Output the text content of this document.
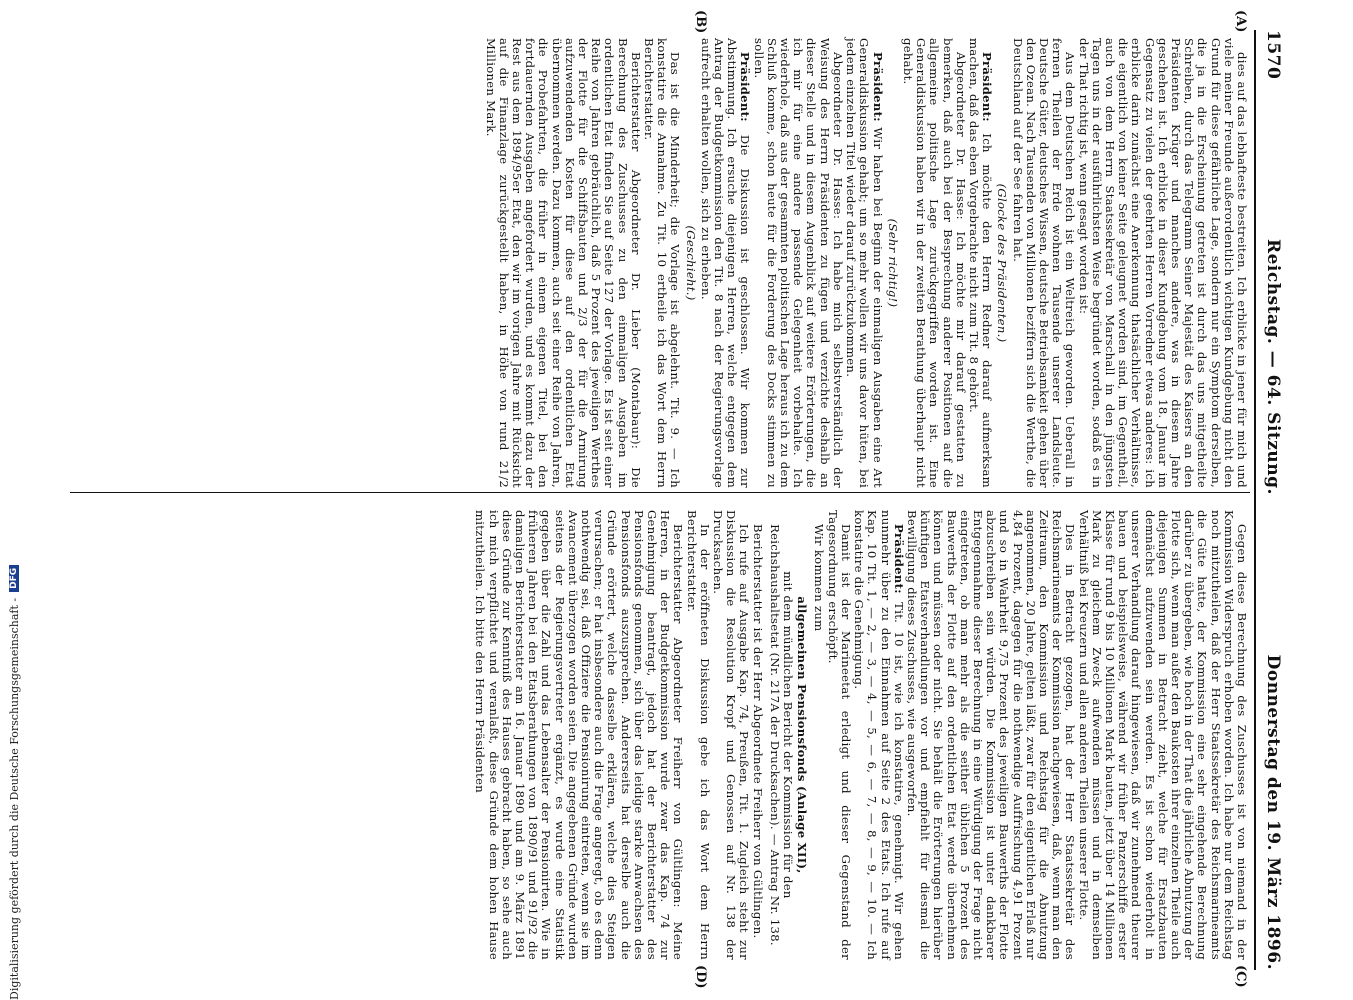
1570
Reichstag. — 64. Sitzung.
Donnerstag den 19. März 1896.
(A)
(B)
(C)
(D)

dies auf das lebhafteste bestreiten. Ich erblicke in jener für mich und viele meiner Freunde außerordentlich wichtigen Kundgebung nicht den Grund für diese gefährliche Lage, sondern nur ein Symptom derselben, die ja in die Erscheinung getreten ist durch das uns mitgetheilte Schreiben, durch das Telegramm Seiner Majestät des Kaisers an den Präsidenten Krüger und manches andere, was in diesem Jahre geschehen ist. Ich erblicke in dieser Kundgebung vom 18. Januar im Gegensatz zu vielen der geehrten Herren Vorredner etwas anderes: ich erblicke darin zunächst eine Anerkennung thatsächlicher Verhältnisse, die eigentlich von keiner Seite geleugnet worden sind, im Gegentheil, auch von dem Herrn Staatssekretär von Marschall in den jüngsten Tagen uns in der ausführlichsten Weise begründet worden, sodaß es in der That richtig ist, wenn gesagt worden ist:

Aus dem Deutschen Reich ist ein Weltreich geworden. Ueberall in fernen Theilen der Erde wohnen Tausende unserer Landsleute. Deutsche Güter, deutsches Wissen, deutsche Betriebsamkeit gehen über den Ozean. Nach Tausenden von Millionen beziffern sich die Werthe, die Deutschland auf der See fahren hat.

(Glocke des Präsidenten.)

Präsident: Ich möchte den Herrn Redner darauf aufmerksam machen, daß das eben Vorgebrachte nicht zum Tit. 8 gehört.

Abgeordneter Dr. Hasse: Ich möchte mir darauf gestatten zu bemerken, daß auch bei der Besprechung anderer Positionen auf die allgemeine politische Lage zurückgegriffen worden ist. Eine Generaldiskussion haben wir in der zweiten Berathung überhaupt nicht gehabt.

(Sehr richtig!)

Präsident: Wir haben bei Beginn der einmaligen Ausgaben eine Art Generaldiskussion gehabt; um so mehr wollen wir uns davor hüten, bei jedem einzelnen Titel wieder darauf zurückzukommen.

Abgeordneter Dr. Hasse: Ich habe mich selbstverständlich der Weisung des Herrn Präsidenten zu fügen und verzichte deshalb an dieser Stelle und in diesem Augenblick auf weitere Erörterungen, die ich mir für eine andere passende Gelegenheit vorbehalte. Ich wiederhole, daß aus der gesammten politischen Lage heraus ich zu dem Schluß komme, schon heute für die Forderung des Docks stimmen zu sollen.

Präsident: Die Diskussion ist geschlossen. Wir kommen zur Abstimmung. Ich ersuche diejenigen Herren, welche entgegen dem Antrag der Budgetkommission den Tit. 8 nach der Regierungsvorlage aufrecht erhalten wollen, sich zu erheben.

(Geschieht.)

Das ist die Minderheit; die Vorlage ist abgelehnt. Tit. 9. — Ich konstatire die Annahme. Zu Tit. 10 ertheile ich das Wort dem Herrn Berichterstatter.

Berichterstatter Abgeordneter Dr. Lieber (Montabaur): Die Berechnung des Zuschusses zu den einmaligen Ausgaben im ordentlichen Etat finden Sie auf Seite 127 der Vorlage. Es ist seit einer Reihe von Jahren gebräuchlich, daß 5 Prozent des jeweiligen Werthes der Flotte für die Schiffsbauten und 2/3 der für die Armirung aufzuwendenden Kosten für diese auf den ordentlichen Etat übernommen werden. Dazu kommen, auch seit einer Reihe von Jahren, die Probefahrten, die früher in einem eigenen Titel, bei den fortdauernden Ausgaben angefordert wurden, und es kommt dazu der Rest aus dem 1894/95er Etat, den wir im vorigen Jahre mit Rücksicht auf die Finanzlage zurückgestellt haben, in Höhe von rund 21/2 Millionen Mark.

Gegen diese Berechnung des Zuschusses ist von niemand in der Kommission Widerspruch erhoben worden. Ich habe nur dem Reichstag noch mitzutheilen, daß der Herr Staatssekretär des Reichsmarineamts die Güte hatte, der Kommission eine sehr eingehende Berechnung darüber zu übergeben, wie hoch in der That die jährliche Abnutzung der Flotte sich, wenn man außer den Baukosten ihrer einzelnen Theile auch diejenigen Summen in Betracht zieht, welche für Ersatzbauten demnächst aufzuwenden sein werden. Es ist schon wiederholt in unserer Verhandlung darauf hingewiesen, daß wir zunehmend theurer bauen und beispielsweise, während wir früher Panzerschiffe erster Klasse für rund 9 bis 10 Millionen Mark bauten, jetzt über 14 Millionen Mark zu gleichem Zweck aufwenden müssen und in demselben Verhältniß bei Kreuzern und allen anderen Theilen unserer Flotte.

Dies in Betracht gezogen, hat der Herr Staatssekretär des Reichsmarineamts der Kommission nachgewiesen, daß, wenn man den Zeitraum, den Kommission und Reichstag für die Abnutzung angenommen, 20 Jahre, gelten läßt, zwar für den eigentlichen Erlaß nur 4,84 Prozent, dagegen für die nothwendige Auffrischung 4,91 Prozent und so in Wahrheit 9,75 Prozent des jeweiligen Bauwerths der Flotte abzuschreiben sein würden. Die Kommission ist unter dankbarer Entgegennahme dieser Berechnung in eine Würdigung der Frage nicht eingetreten, ob man mehr als die seither üblichen 5 Prozent des Bauwerths der Flotte auf den ordentlichen Etat werde übernehmen können und müssen oder nicht. Sie behält die Erörterungen hierüber künftigen Etatsverhandlungen vor und empfiehlt für diesmal die Bewilligung dieses Zuschusses, wie ausgeworfen.

Präsident: Tit. 10 ist, wie ich konstatire, genehmigt. Wir gehen nunmehr über zu den Einnahmen auf Seite 2 des Etats. Ich rufe auf Kap. 10 Tit. 1, — 2, — 3, — 4, — 5, — 6, — 7, — 8, — 9, — 10. — Ich konstatire die Genehmigung.

Damit ist der Marineetat erledigt und dieser Gegenstand der Tagesordnung erschöpft.

Wir kommen zum

allgemeinen Pensionsfonds (Anlage XII),

mit dem mündlichen Bericht der Kommission für den Reichshaushaltsetat (Nr. 217A der Drucksachen). — Antrag Nr. 138.

Berichterstatter ist der Herr Abgeordnete Freiherr von Gültlingen.

Ich rufe auf Ausgabe Kap. 74, Preußen, Tit. 1. Zugleich steht zur Diskussion die Resolution Kropf und Genossen auf Nr. 138 der Drucksachen.

In der eröffneten Diskussion gebe ich das Wort dem Herrn Berichterstatter.

Berichterstatter Abgeordneter Freiherr von Gültlingen: Meine Herren, in der Budgetkommission wurde zwar das Kap. 74 zur Genehmigung beantragt, jedoch hat der Berichterstatter des Pensionsfonds genommen, sich über das leidige starke Anwachsen des Pensionsfonds auszusprechen. Andererseits hat derselbe auch die Gründe erörtert, welche dasselbe erklären, welche dies Steigen verursachen; er hat insbesondere auch die Frage angeregt, ob es denn nothwendig sei, daß Offiziere die Pensionirung eintreten, wenn sie im Avancement überzogen worden seien. Die angegebenen Gründe wurden seitens der Regierungsvertreter ergänzt, es wurde eine Statistik gegeben über die Zahl und das Lebensalter der Pensionirten. Wie in früheren Jahren bei den Etatsberathungen von 1890/91 und 91/92 die damaligen Berichterstatter am 16. Januar 1890 und am 9. März 1891 diese Gründe zur Kenntniß des Hauses gebracht haben, so sehe auch ich mich verpflichtet und veranlaßt, diese Gründe dem hohen Hause mitzutheilen. Ich bitte den Herrn Präsidenten

Digitalisierung gefördert durch die Deutsche Forschungsgemeinschaft -DFG
